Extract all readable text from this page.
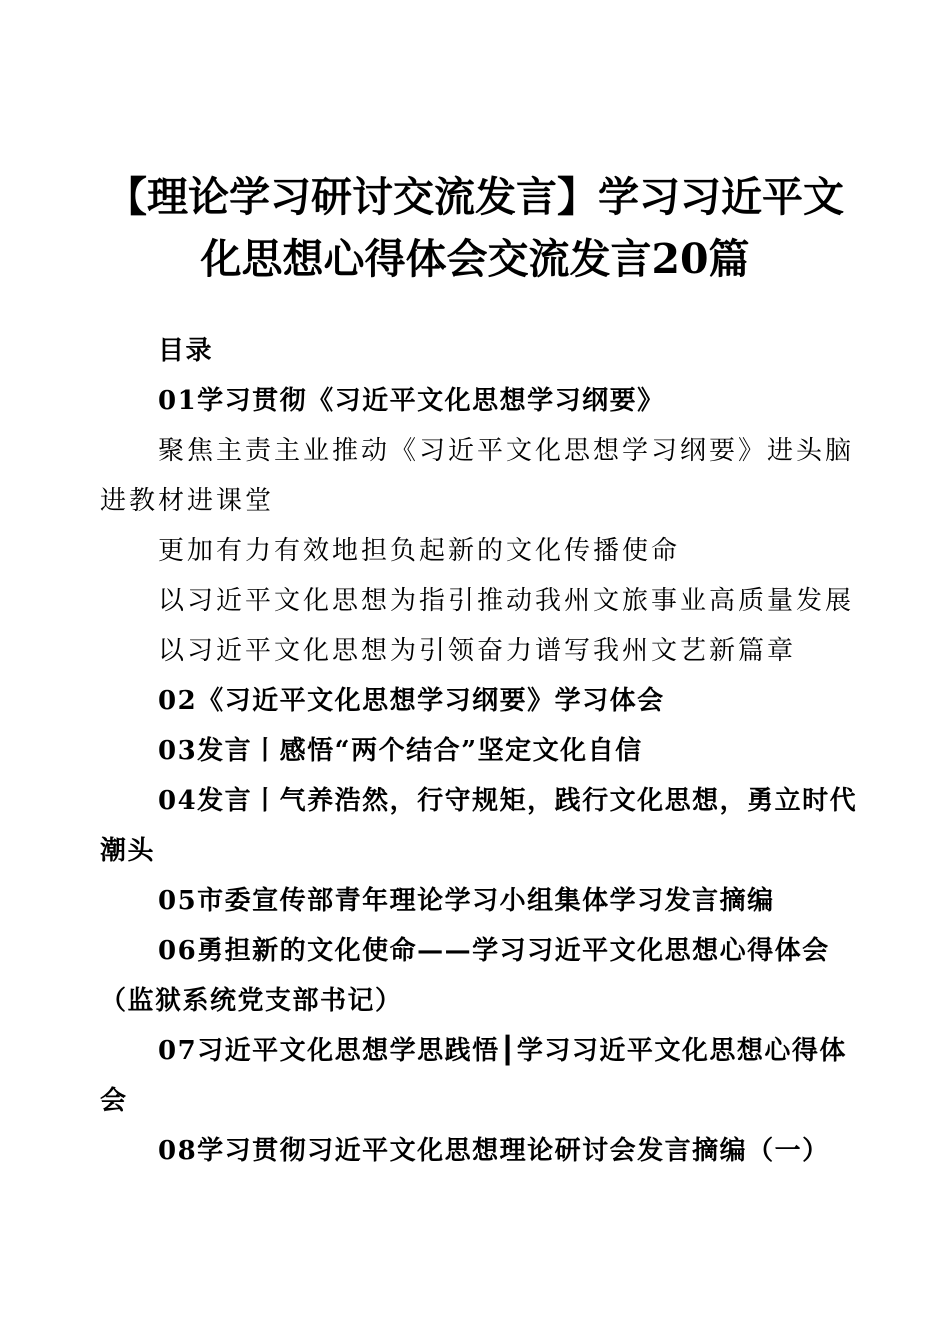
【理论学习研讨交流发言】学习习近平文
化思想心得体会交流发言20篇

目录

01学习贯彻《习近平文化思想学习纲要》

聚焦主责主业推动《习近平文化思想学习纲要》进头脑进教材进课堂

更加有力有效地担负起新的文化传播使命

以习近平文化思想为指引推动我州文旅事业高质量发展

以习近平文化思想为引领奋力谱写我州文艺新篇章

02《习近平文化思想学习纲要》学习体会

03发言丨感悟“两个结合”坚定文化自信

04发言丨气养浩然，行守规矩，践行文化思想，勇立时代潮头

05市委宣传部青年理论学习小组集体学习发言摘编

06勇担新的文化使命——学习习近平文化思想心得体会（监狱系统党支部书记）

07习近平文化思想学思践悟┃学习习近平文化思想心得体会

08学习贯彻习近平文化思想理论研讨会发言摘编（一）
